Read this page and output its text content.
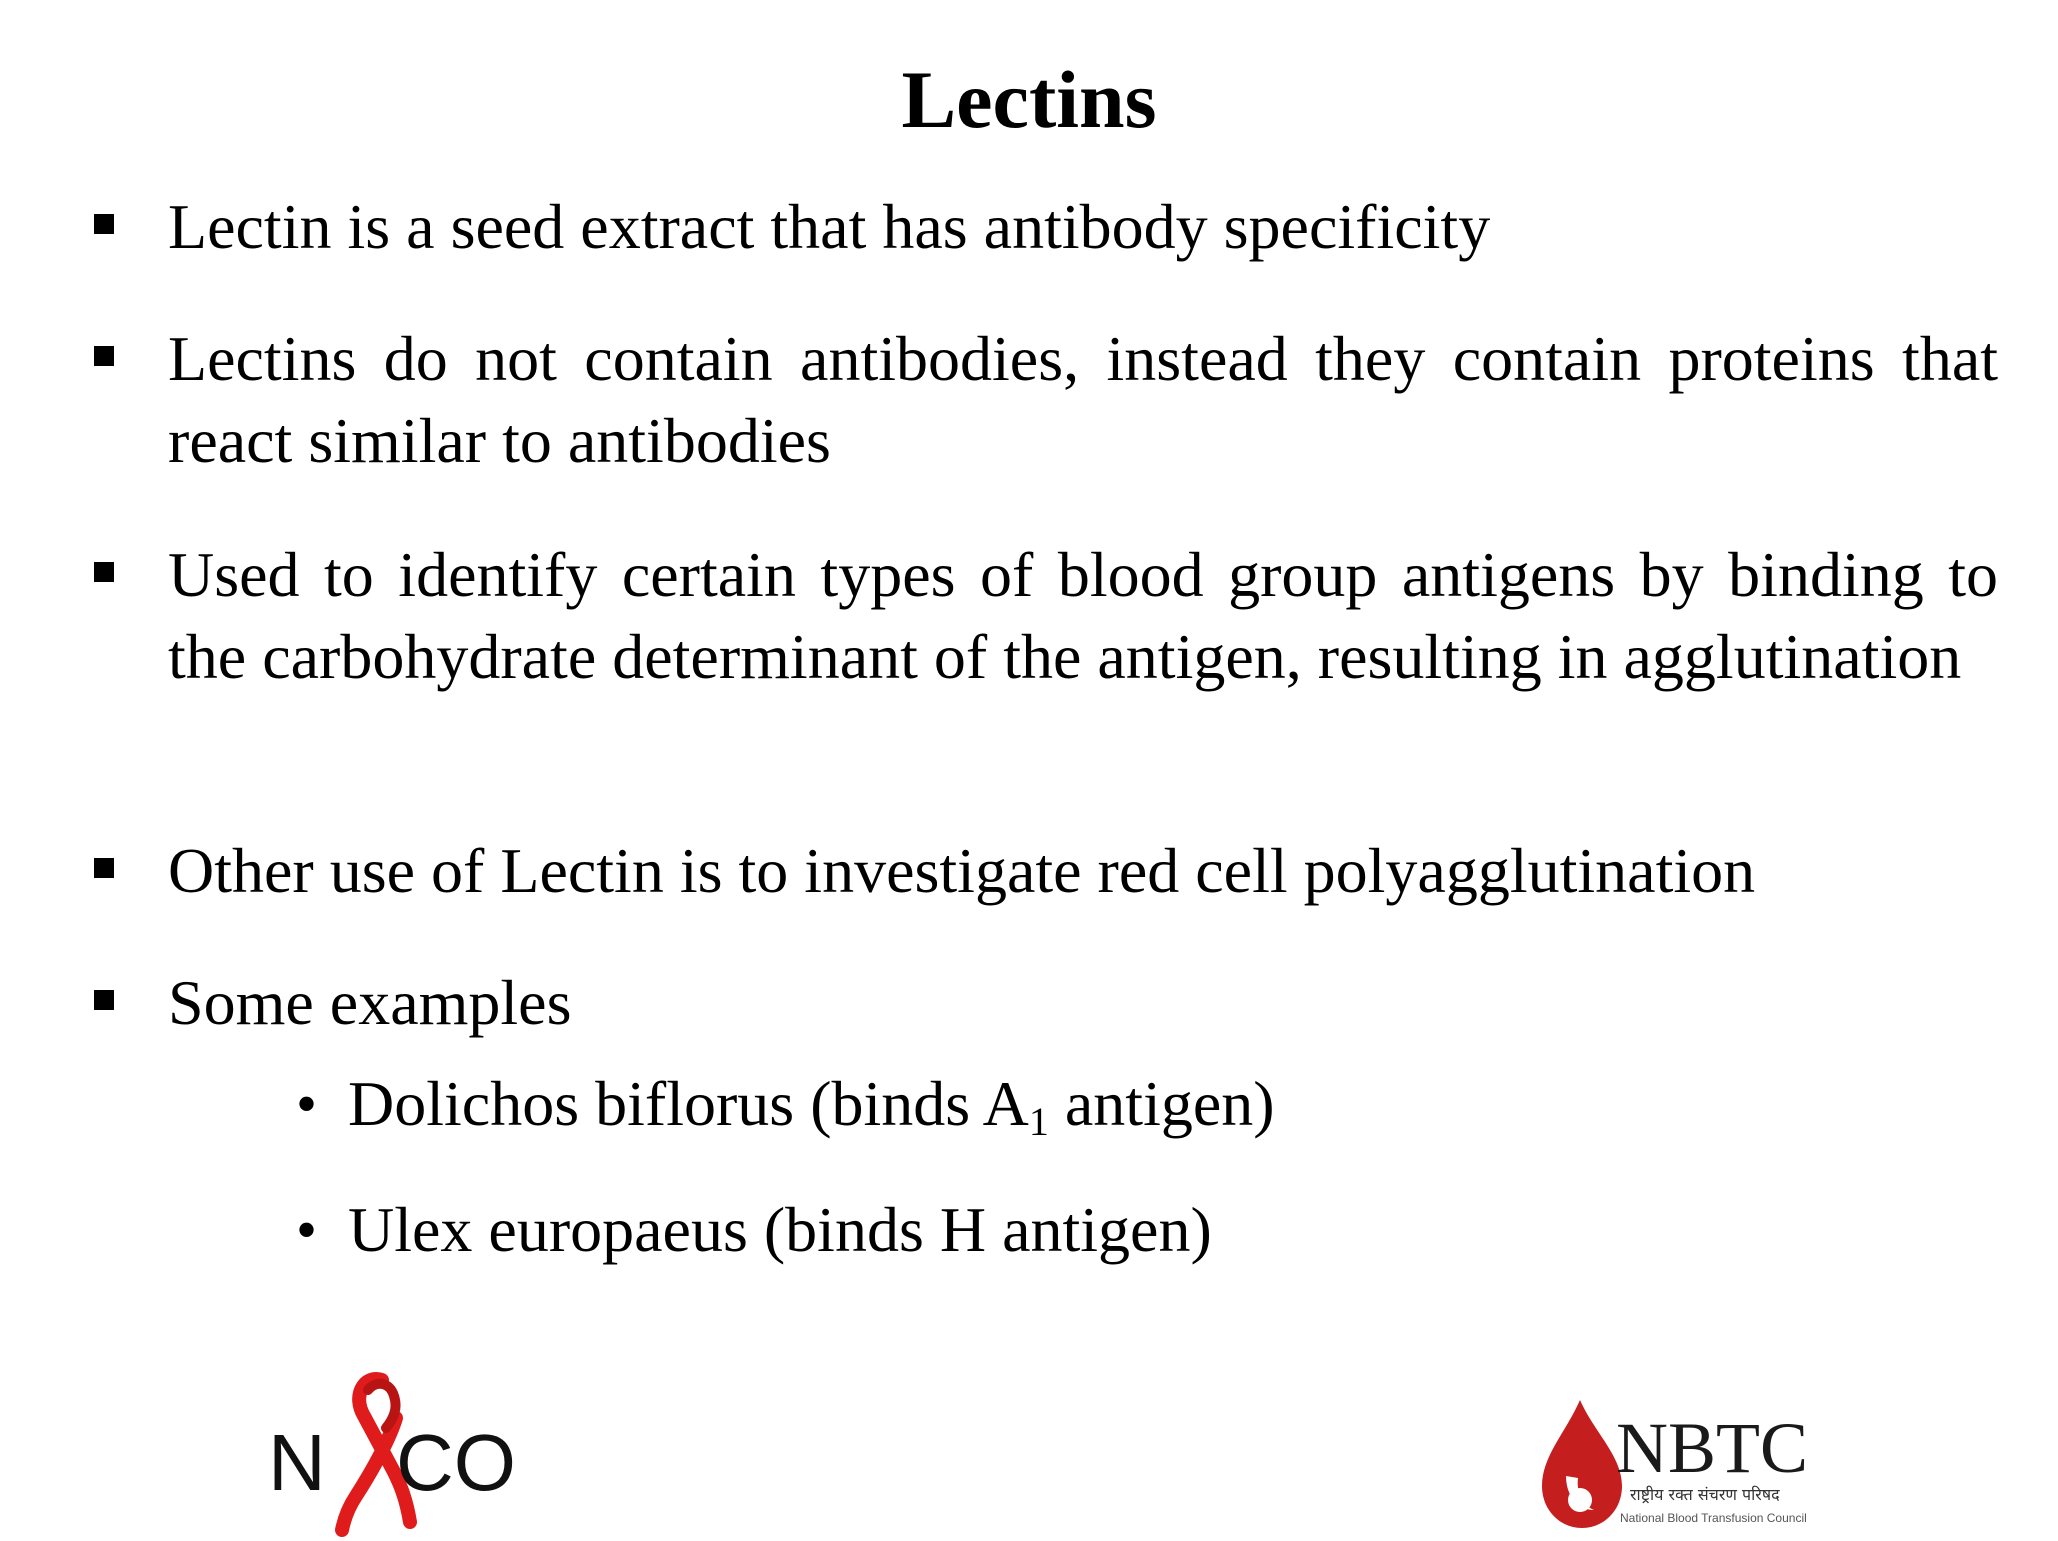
Lectins
Lectin is a seed extract that has antibody specificity
Lectins do not contain antibodies, instead they contain proteins that react similar to antibodies
Used to identify certain types of blood group antigens by binding to the carbohydrate determinant of the antigen, resulting in agglutination
Other use of Lectin is to investigate red cell polyagglutination
Some examples
• Dolichos biflorus (binds $A_1$ antigen)
• Ulex europaeus (binds H antigen)
N CO	NBTC
राष्ट्रीय रक्त संचरण परिषद
National Blood Transfusion Council
